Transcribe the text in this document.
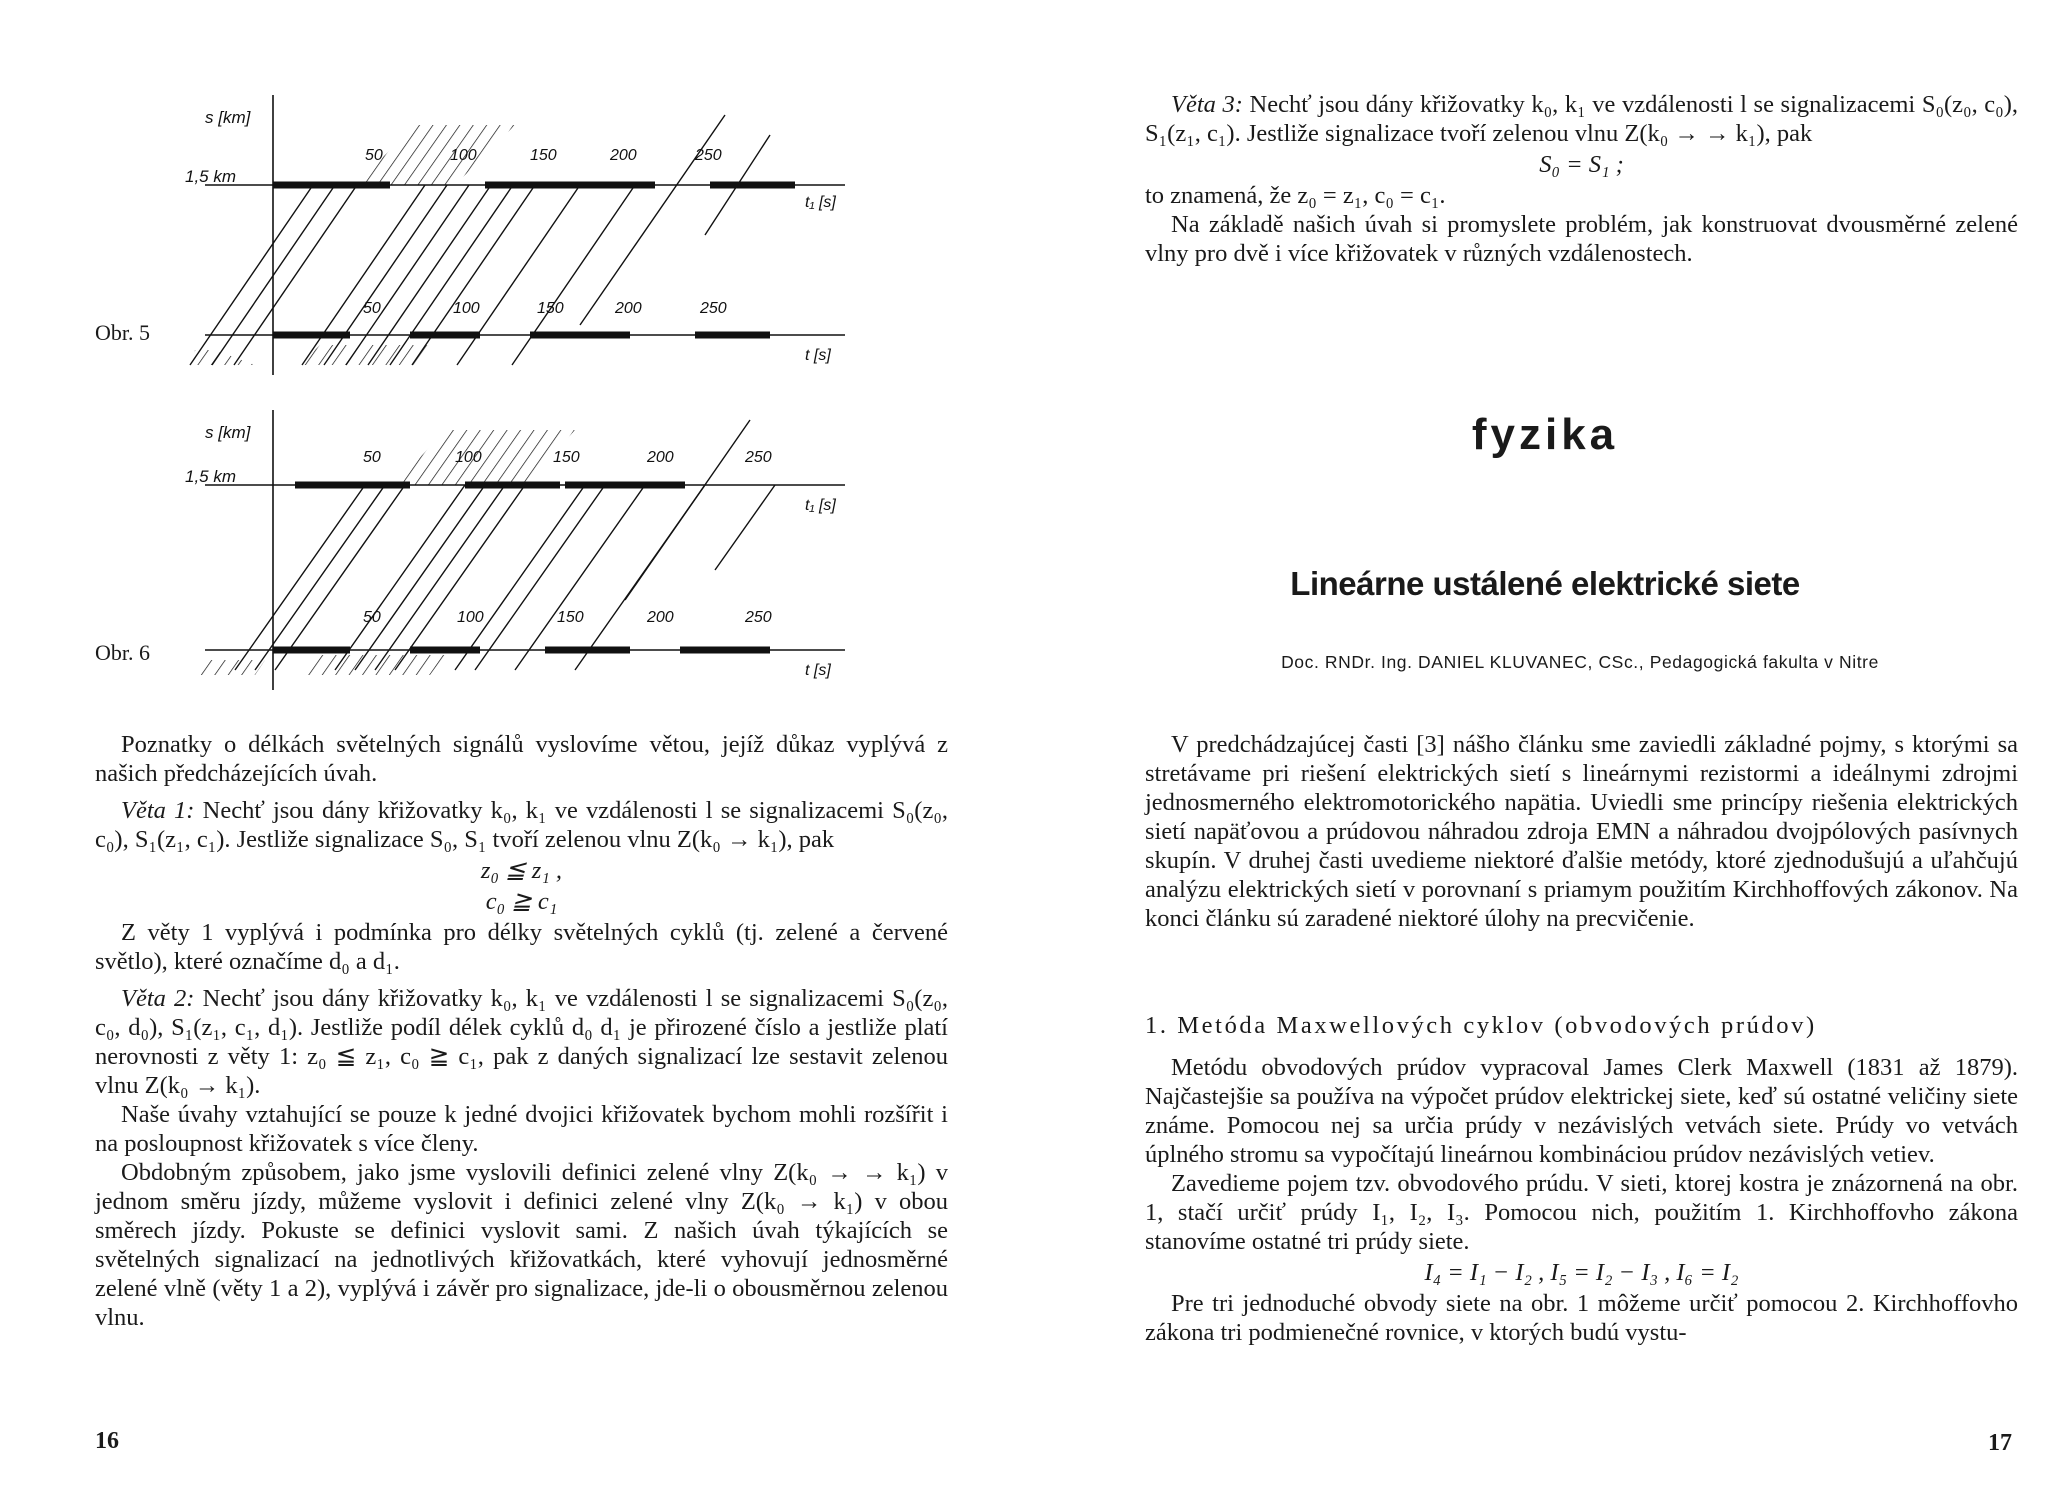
Obr. 5
s [km]
1,5 km
t₁ [s]
t [s]
50	100	150	200	250
50	100	150	200	250
Obr. 6
s [km]
1,5 km
t₁ [s]
t [s]
50	100	150	200	250
50	100	150	200	250

Poznatky o délkách světelných signálů vyslovíme větou, jejíž důkaz vyplývá z našich předcházejících úvah.

Věta 1: Nechť jsou dány křižovatky k₀, k₁ ve vzdálenosti l se signalizacemi S₀(z₀, c₀), S₁(z₁, c₁). Jestliže signalizace S₀, S₁ tvoří zelenou vlnu Z(k₀ → k₁), pak

z₀ ≦ z₁ ,

c₀ ≧ c₁

Z věty 1 vyplývá i podmínka pro délky světelných cyklů (tj. zelené a červené světlo), které označíme d₀ a d₁.

Věta 2: Nechť jsou dány křižovatky k₀, k₁ ve vzdálenosti l se signalizacemi S₀(z₀, c₀, d₀), S₁(z₁, c₁, d₁). Jestliže podíl délek cyklů d₀ d₁ je přirozené číslo a jestliže platí nerovnosti z věty 1: z₀ ≦ z₁, c₀ ≧ c₁, pak z daných signalizací lze sestavit zelenou vlnu Z(k₀ → k₁).

Naše úvahy vztahující se pouze k jedné dvojici křižovatek bychom mohli rozšířit i na posloupnost křižovatek s více členy.

Obdobným způsobem, jako jsme vyslovili definici zelené vlny Z(k₀ → → k₁) v jednom směru jízdy, můžeme vyslovit i definici zelené vlny Z(k₀ → k₁) v obou směrech jízdy. Pokuste se definici vyslovit sami. Z našich úvah týkajících se světelných signalizací na jednotlivých křižovatkách, které vyhovují jednosměrné zelené vlně (věty 1 a 2), vyplývá i závěr pro signalizace, jde-li o obousměrnou zelenou vlnu.

16

Věta 3: Nechť jsou dány křižovatky k₀, k₁ ve vzdálenosti l se signalizacemi S₀(z₀, c₀), S₁(z₁, c₁). Jestliže signalizace tvoří zelenou vlnu Z(k₀ → → k₁), pak

S₀ = S₁ ;

to znamená, že z₀ = z₁, c₀ = c₁.

Na základě našich úvah si promyslete problém, jak konstruovat dvousměrné zelené vlny pro dvě i více křižovatek v různých vzdálenostech.

fyzika
Lineárne ustálené elektrické siete
Doc. RNDr. Ing. DANIEL KLUVANEC, CSc., Pedagogická fakulta v Nitre

V predchádzajúcej časti [3] nášho článku sme zaviedli základné pojmy, s ktorými sa stretávame pri riešení elektrických sietí s lineárnymi rezistormi a ideálnymi zdrojmi jednosmerného elektromotorického napätia. Uviedli sme princípy riešenia elektrických sietí napäťovou a prúdovou náhradou zdroja EMN a náhradou dvojpólových pasívnych skupín. V druhej časti uvedieme niektoré ďalšie metódy, ktoré zjednodušujú a uľahčujú analýzu elektrických sietí v porovnaní s priamym použitím Kirchhoffových zákonov. Na konci článku sú zaradené niektoré úlohy na precvičenie.

1. Metóda Maxwellových cyklov (obvodových prúdov)

Metódu obvodových prúdov vypracoval James Clerk Maxwell (1831 až 1879). Najčastejšie sa používa na výpočet prúdov elektrickej siete, keď sú ostatné veličiny siete známe. Pomocou nej sa určia prúdy v nezávislých vetvách siete. Prúdy vo vetvách úplného stromu sa vypočítajú lineárnou kombináciou prúdov nezávislých vetiev.

Zavedieme pojem tzv. obvodového prúdu. V sieti, ktorej kostra je znázornená na obr. 1, stačí určiť prúdy I₁, I₂, I₃. Pomocou nich, použitím 1. Kirchhoffovho zákona stanovíme ostatné tri prúdy siete.

I₄ = I₁ − I₂ , I₅ = I₂ − I₃ , I₆ = I₂

Pre tri jednoduché obvody siete na obr. 1 môžeme určiť pomocou 2. Kirchhoffovho zákona tri podmienečné rovnice, v ktorých budú vystu-

17
